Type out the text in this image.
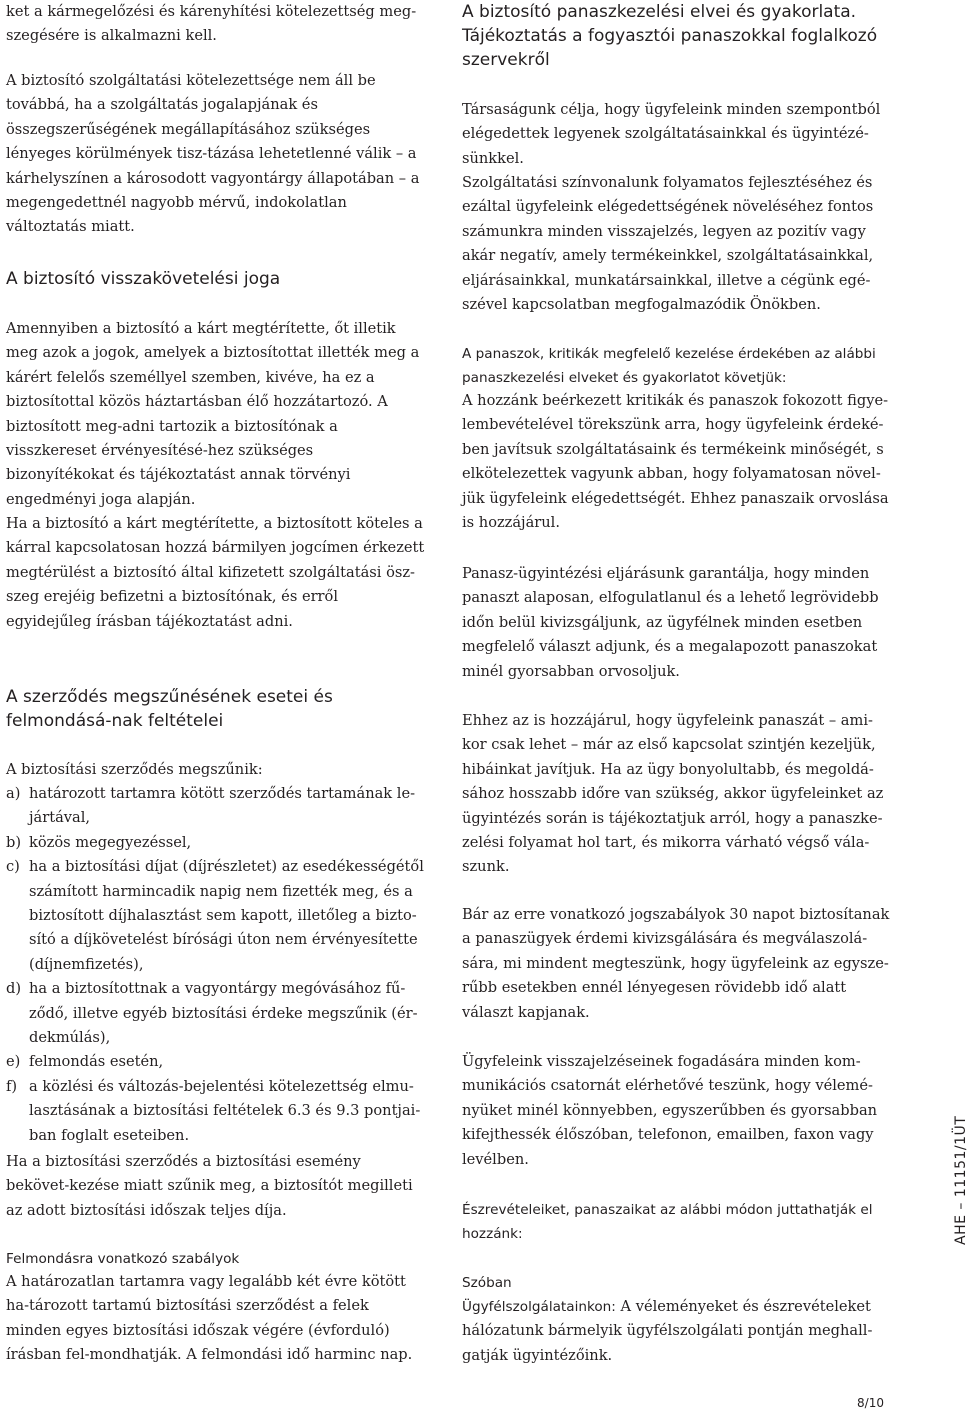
ket a kármegelőzési és kárenyhítési kötelezettség meg-szegésére is alkalmazni kell.

A biztosító szolgáltatási kötelezettsége nem áll be továbbá, ha a szolgáltatás jogalapjának és összegszerűségének megállapításához szükséges lényeges körülmények tisz-tázása lehetetlenné válik – a kárhelyszínen a károsodott vagyontárgy állapotában – a megengedettnél nagyobb mérvű, indokolatlan változtatás miatt.

A biztosító visszakövetelési joga

Amennyiben a biztosító a kárt megtérítette, őt illetik meg azok a jogok, amelyek a biztosítottat illették meg a kárért felelős személlyel szemben, kivéve, ha ez a biztosítottal közös háztartásban élő hozzátartozó. A biztosított meg-adni tartozik a biztosítónak a visszkereset érvényesítésé-hez szükséges bizonyítékokat és tájékoztatást annak törvényi engedményi joga alapján.

Ha a biztosító a kárt megtérítette, a biztosított köteles a kárral kapcsolatosan hozzá bármilyen jogcímen érkezett megtérülést a biztosító által kifizetett szolgáltatási ösz-szeg erejéig befizetni a biztosítónak, és erről egyidejűleg írásban tájékoztatást adni.

A szerződés megszűnésének esetei és felmondásá-nak feltételei

A biztosítási szerződés megszűnik:

a) határozott tartamra kötött szerződés tartamának le-jártával,
b) közös megegyezéssel,
c) ha a biztosítási díjat (díjrészletet) az esedékességétől számított harmincadik napig nem fizették meg, és a biztosított díjhalasztást sem kapott, illetőleg a bizto-sító a díjkövetelést bírósági úton nem érvényesítette (díjnemfizetés),
d) ha a biztosítottnak a vagyontárgy megóvásához fű-ződő, illetve egyéb biztosítási érdeke megszűnik (ér-dekmúlás),
e) felmondás esetén,
f) a közlési és változás-bejelentési kötelezettség elmu-lasztásának a biztosítási feltételek 6.3 és 9.3 pontjai-ban foglalt eseteiben.

Ha a biztosítási szerződés a biztosítási esemény bekövet-kezése miatt szűnik meg, a biztosítót megilleti az adott biztosítási időszak teljes díja.

Felmondásra vonatkozó szabályok

A határozatlan tartamra vagy legalább két évre kötött ha-tározott tartamú biztosítási szerződést a felek minden egyes biztosítási időszak végére (évforduló) írásban fel-mondhatják. A felmondási idő harminc nap.

A biztosító panaszkezelési elvei és gyakorlata. Tájékoztatás a fogyasztói panaszokkal foglalkozó szervekről

Társaságunk célja, hogy ügyfeleink minden szempontból elégedettek legyenek szolgáltatásainkkal és ügyintézé-sünkkel.

Szolgáltatási színvonalunk folyamatos fejlesztéséhez és ezáltal ügyfeleink elégedettségének növeléséhez fontos számunkra minden visszajelzés, legyen az pozitív vagy akár negatív, amely termékeinkkel, szolgáltatásainkkal, eljárásainkkal, munkatársainkkal, illetve a cégünk egé-szével kapcsolatban megfogalmazódik Önökben.

A panaszok, kritikák megfelelő kezelése érdekében az alábbi panaszkezelési elveket és gyakorlatot követjük:

A hozzánk beérkezett kritikák és panaszok fokozott figye-lembevételével törekszünk arra, hogy ügyfeleink érdeké-ben javítsuk szolgáltatásaink és termékeink minőségét, s elkötelezettek vagyunk abban, hogy folyamatosan növel-jük ügyfeleink elégedettségét. Ehhez panaszaik orvoslása is hozzájárul.

Panasz-ügyintézési eljárásunk garantálja, hogy minden panaszt alaposan, elfogulatlanul és a lehető legrövidebb időn belül kivizsgáljunk, az ügyfélnek minden esetben megfelelő választ adjunk, és a megalapozott panaszokat minél gyorsabban orvosoljuk.

Ehhez az is hozzájárul, hogy ügyfeleink panaszát – ami-kor csak lehet – már az első kapcsolat szintjén kezeljük, hibáinkat javítjuk. Ha az ügy bonyolultabb, és megoldá-sához hosszabb időre van szükség, akkor ügyfeleinket az ügyintézés során is tájékoztatjuk arról, hogy a panaszke-zelési folyamat hol tart, és mikorra várható végső vála-szunk.

Bár az erre vonatkozó jogszabályok 30 napot biztosítanak a panaszügyek érdemi kivizsgálására és megválaszolá-sára, mi mindent megteszünk, hogy ügyfeleink az egysze-rűbb esetekben ennél lényegesen rövidebb idő alatt választ kapjanak.

Ügyfeleink visszajelzéseinek fogadására minden kom-munikációs csatornát elérhetővé teszünk, hogy vélemé-nyüket minél könnyebben, egyszerűbben és gyorsabban kifejthessék élőszóban, telefonon, emailben, faxon vagy levélben.

Észrevételeiket, panaszaikat az alábbi módon juttathatják el hozzánk:
Szóban

Ügyfélszolgálatainkon: A véleményeket és észrevételeket hálózatunk bármelyik ügyfélszolgálati pontján meghall-gatják ügyintézőink.

AHE – 11151/1ÜT
8/10
